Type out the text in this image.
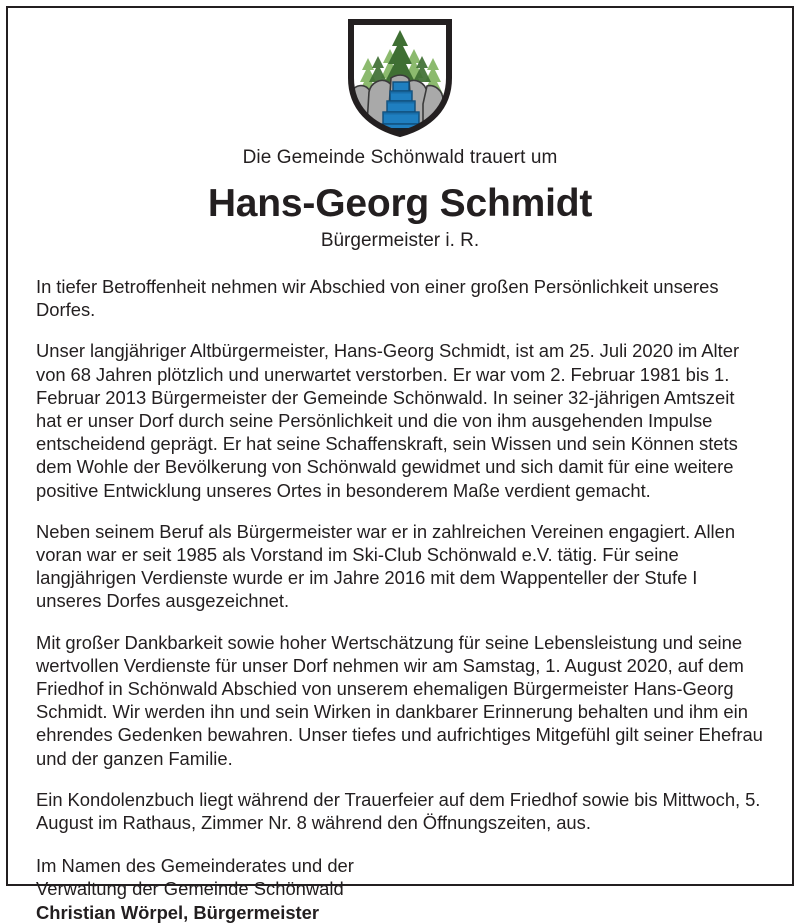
Die Gemeinde Schönwald trauert um
Hans-Georg Schmidt
Bürgermeister i. R.

In tiefer Betroffenheit nehmen wir Abschied von einer großen Persönlichkeit unseres Dorfes.

Unser langjähriger Altbürgermeister, Hans-Georg Schmidt, ist am 25. Juli 2020 im Alter von 68 Jahren plötzlich und unerwartet verstorben. Er war vom 2. Februar 1981 bis 1. Februar 2013 Bürgermeister der Gemeinde Schönwald. In seiner 32-jährigen Amtszeit hat er unser Dorf durch seine Persönlichkeit und die von ihm ausgehenden Impulse entscheidend geprägt. Er hat seine Schaffenskraft, sein Wissen und sein Können stets dem Wohle der Bevölkerung von Schönwald gewidmet und sich damit für eine weitere positive Entwicklung unseres Ortes in besonderem Maße verdient gemacht.

Neben seinem Beruf als Bürgermeister war er in zahlreichen Vereinen engagiert. Allen voran war er seit 1985 als Vorstand im Ski-Club Schönwald e.V. tätig. Für seine langjährigen Verdienste wurde er im Jahre 2016 mit dem Wappenteller der Stufe I unseres Dorfes ausgezeichnet.

Mit großer Dankbarkeit sowie hoher Wertschätzung für seine Lebensleistung und seine wertvollen Verdienste für unser Dorf nehmen wir am Samstag, 1. August 2020, auf dem Friedhof in Schönwald Abschied von unserem ehemaligen Bürgermeister Hans-Georg Schmidt. Wir werden ihn und sein Wirken in dankbarer Erinnerung behalten und ihm ein ehrendes Gedenken bewahren. Unser tiefes und aufrichtiges Mitgefühl gilt seiner Ehefrau und der ganzen Familie.

Ein Kondolenzbuch liegt während der Trauerfeier auf dem Friedhof sowie bis Mittwoch, 5. August im Rathaus, Zimmer Nr. 8 während den Öffnungszeiten, aus.

Im Namen des Gemeinderates und der
Verwaltung der Gemeinde Schönwald
Christian Wörpel, Bürgermeister
